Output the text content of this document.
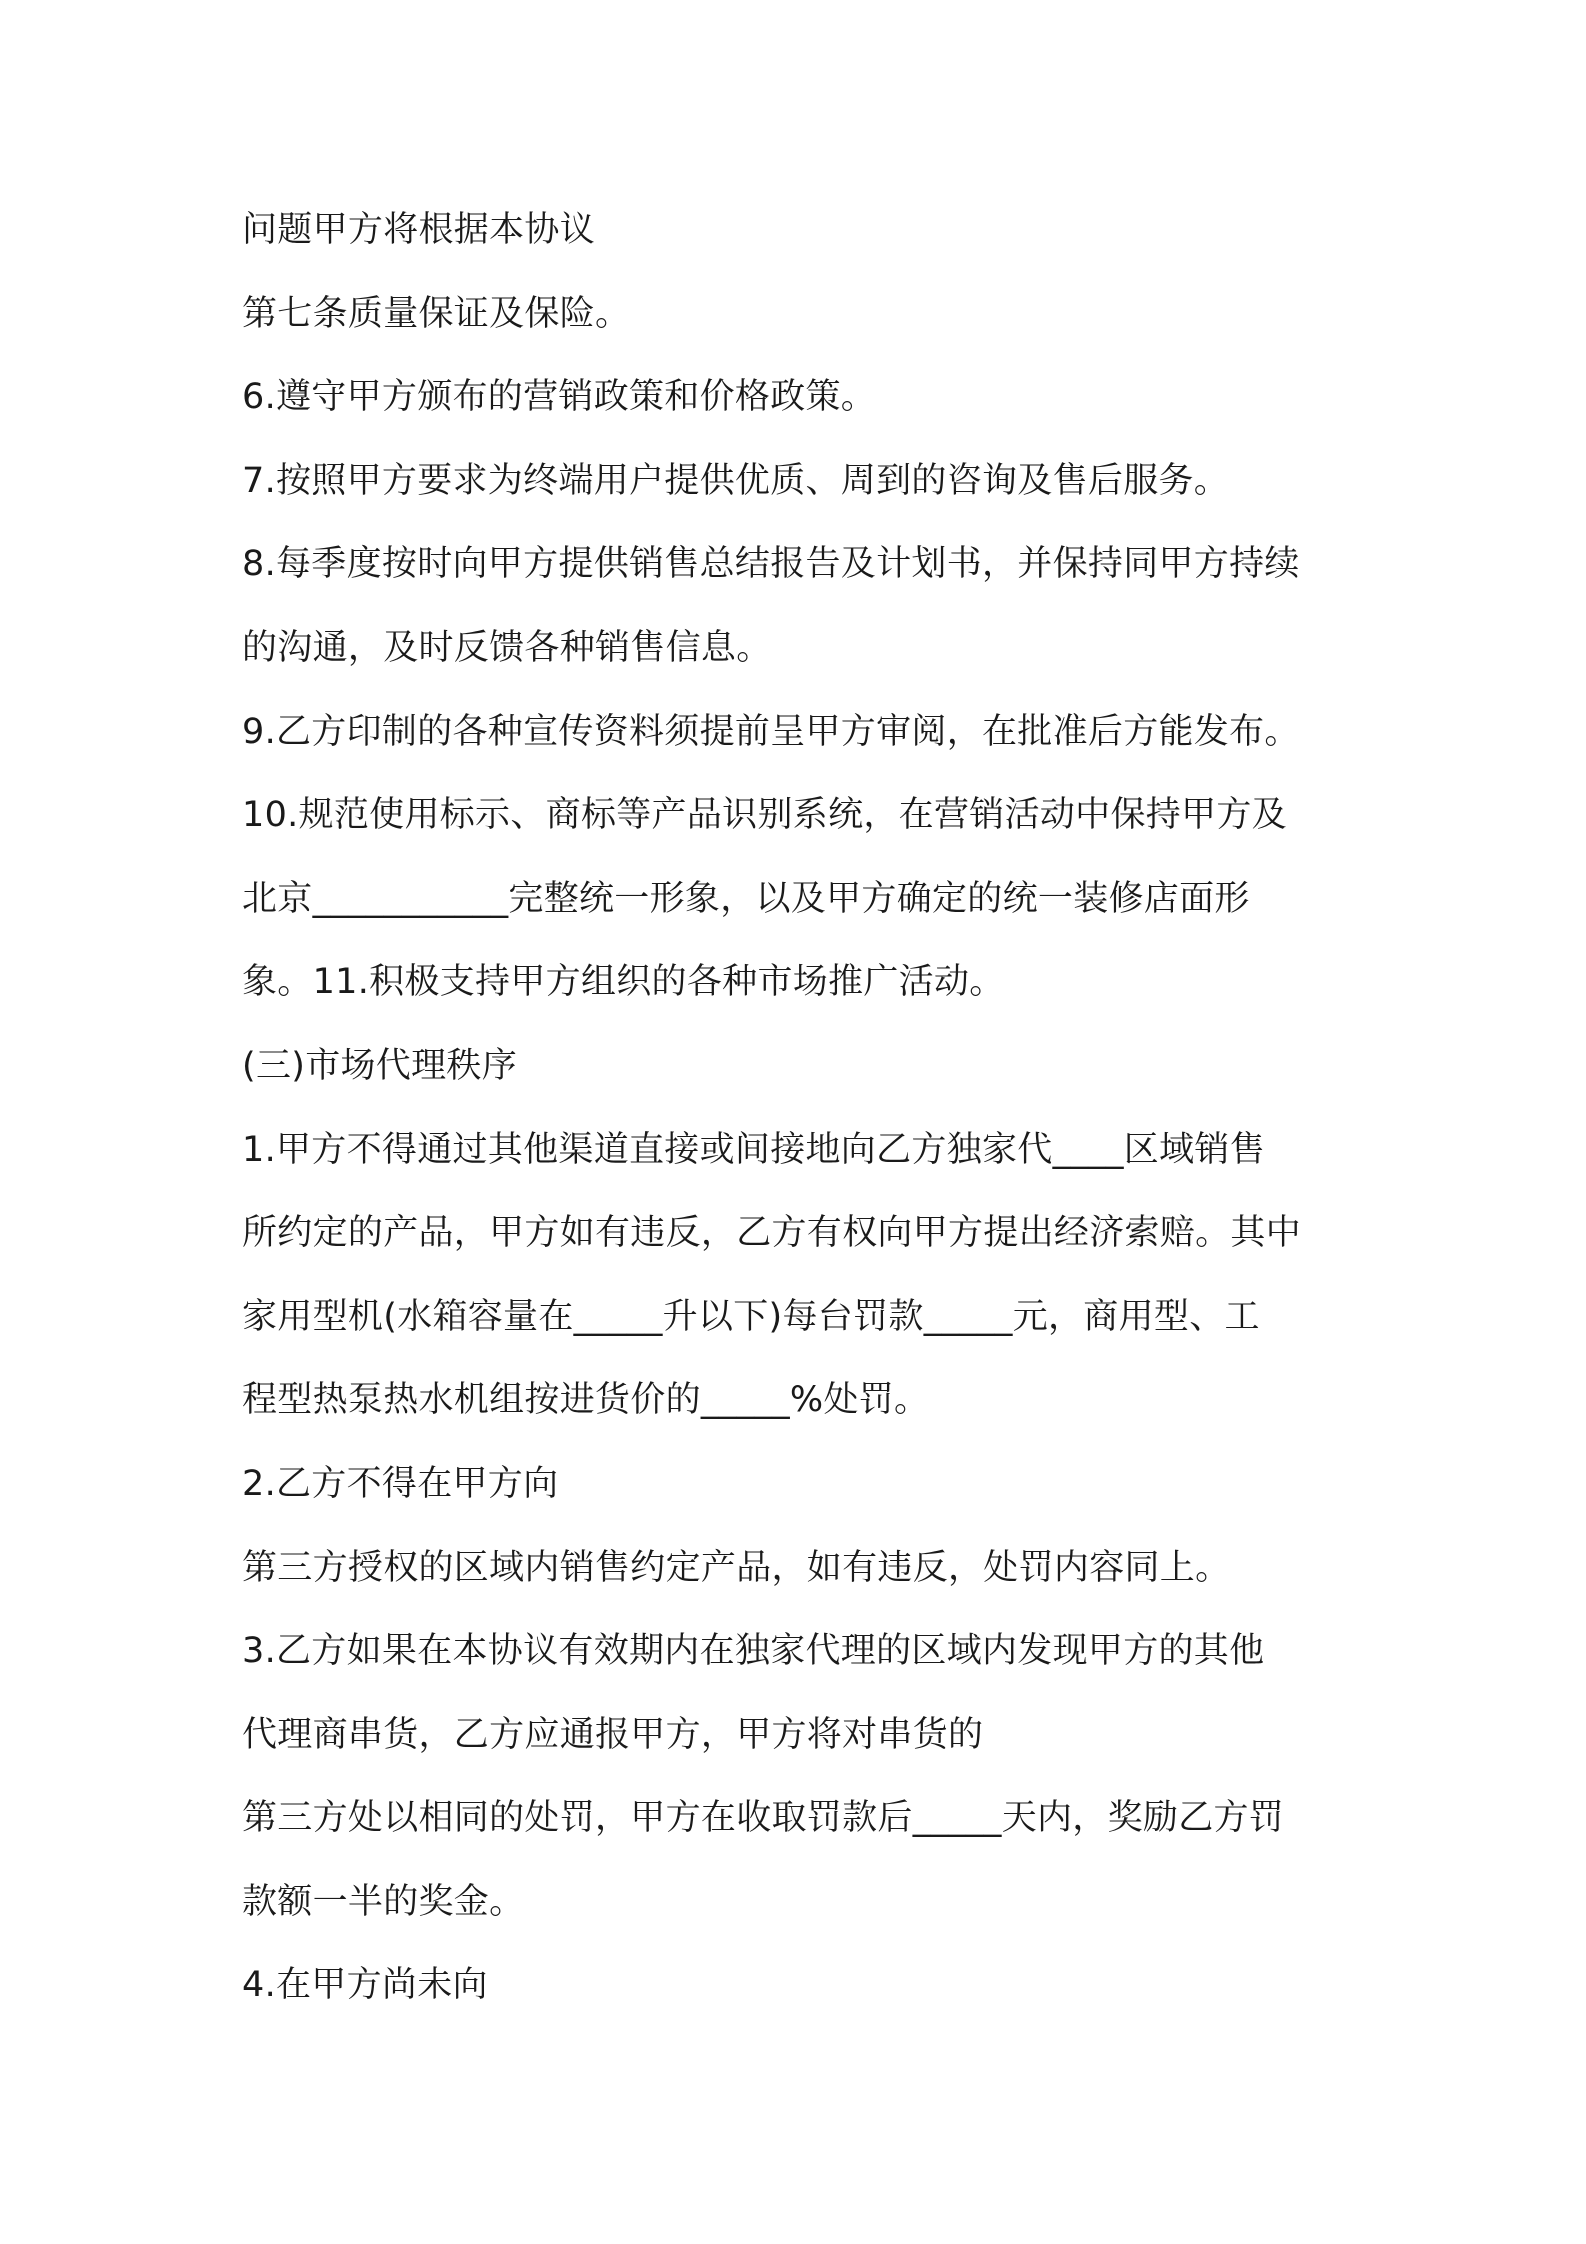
问题甲方将根据本协议
第七条质量保证及保险。
6.遵守甲方颁布的营销政策和价格政策。
7.按照甲方要求为终端用户提供优质、周到的咨询及售后服务。
8.每季度按时向甲方提供销售总结报告及计划书，并保持同甲方持续
的沟通，及时反馈各种销售信息。
9.乙方印制的各种宣传资料须提前呈甲方审阅，在批准后方能发布。
10.规范使用标示、商标等产品识别系统，在营销活动中保持甲方及
北京___________完整统一形象，以及甲方确定的统一装修店面形
象。11.积极支持甲方组织的各种市场推广活动。
(三)市场代理秩序
1.甲方不得通过其他渠道直接或间接地向乙方独家代____区域销售
所约定的产品，甲方如有违反，乙方有权向甲方提出经济索赔。其中
家用型机(水箱容量在_____升以下)每台罚款_____元，商用型、工
程型热泵热水机组按进货价的_____%处罚。
2.乙方不得在甲方向
第三方授权的区域内销售约定产品，如有违反，处罚内容同上。
3.乙方如果在本协议有效期内在独家代理的区域内发现甲方的其他
代理商串货，乙方应通报甲方，甲方将对串货的
第三方处以相同的处罚，甲方在收取罚款后_____天内，奖励乙方罚
款额一半的奖金。
4.在甲方尚未向
